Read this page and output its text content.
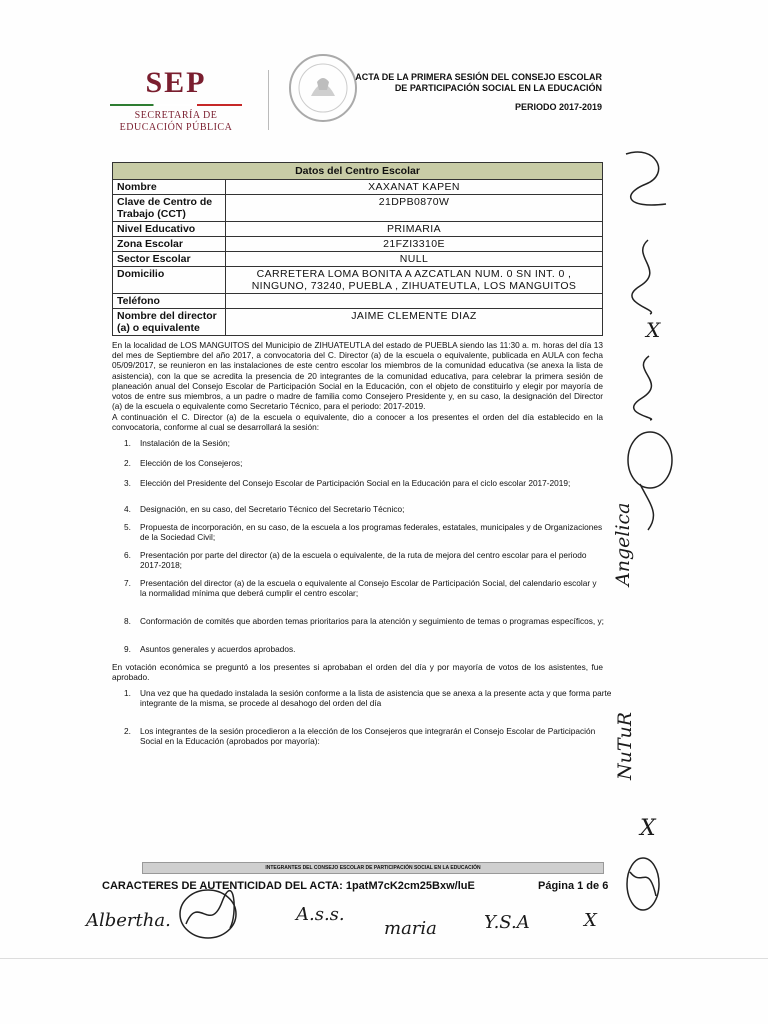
SEP
SECRETARÍA DE
EDUCACIÓN PÚBLICA
ACTA DE LA PRIMERA SESIÓN DEL CONSEJO ESCOLAR
DE PARTICIPACIÓN SOCIAL EN LA EDUCACIÓN
PERIODO 2017-2019
Datos del Centro Escolar	
Nombre	XAXANAT KAPEN
Clave de Centro de Trabajo (CCT)	21DPB0870W
Nivel Educativo	PRIMARIA
Zona Escolar	21FZI3310E
Sector Escolar	NULL
Domicilio	CARRETERA LOMA BONITA A AZCATLAN NUM. 0 SN INT. 0 , NINGUNO, 73240, PUEBLA , ZIHUATEUTLA, LOS MANGUITOS
Teléfono	
Nombre del director (a) o equivalente	JAIME CLEMENTE DIAZ
En la localidad de LOS MANGUITOS del Municipio de ZIHUATEUTLA del estado de PUEBLA siendo las 11:30 a. m. horas del día 13 del mes de Septiembre del año 2017, a convocatoria del C. Director (a) de la escuela o equivalente, publicada en AULA con fecha 05/09/2017, se reunieron en las instalaciones de este centro escolar los miembros de la comunidad educativa (se anexa la lista de asistencia), con la que se acredita la presencia de 20 integrantes de la comunidad educativa, para celebrar la primera sesión de planeación anual del Consejo Escolar de Participación Social en la Educación, con el objeto de constituirlo y elegir por mayoría de votos de entre sus miembros, a un padre o madre de familia como Consejero Presidente y, en su caso, la designación del Director (a) de la escuela o equivalente como Secretario Técnico, para el periodo: 2017-2019.
A continuación el C. Director (a) de la escuela o equivalente, dio a conocer a los presentes el orden del día establecido en la convocatoria, conforme al cual se desarrollará la sesión:
1.	Instalación de la Sesión;
2.	Elección de los Consejeros;
3.	Elección del Presidente del Consejo Escolar de Participación Social en la Educación para el ciclo escolar 2017-2019;
4.	Designación, en su caso, del Secretario Técnico del Secretario Técnico;
5.	Propuesta de incorporación, en su caso, de la escuela a los programas federales, estatales, municipales y de Organizaciones de la Sociedad Civil;
6.	Presentación por parte del director (a) de la escuela o equivalente, de la ruta de mejora del centro escolar para el periodo 2017-2018;
7.	Presentación del director (a) de la escuela o equivalente al Consejo Escolar de Participación Social, del calendario escolar y la normalidad mínima que deberá cumplir el centro escolar;
8.	Conformación de comités que aborden temas prioritarios para la atención y seguimiento de temas o programas específicos, y;
9.	Asuntos generales y acuerdos aprobados.
En votación económica se preguntó a los presentes si aprobaban el orden del día y por mayoría de votos de los asistentes, fue aprobado.
1.	Una vez que ha quedado instalada la sesión conforme a la lista de asistencia que se anexa a la presente acta y que forma parte integrante de la misma, se procede al desahogo del orden del día
2.	Los integrantes de la sesión procedieron a la elección de los Consejeros que integrarán el Consejo Escolar de Participación Social en la Educación (aprobados por mayoría):
INTEGRANTES DEL CONSEJO ESCOLAR DE PARTICIPACIÓN SOCIAL EN LA EDUCACIÓN
CARACTERES DE AUTENTICIDAD DEL ACTA: 1patM7cK2cm25Bxw/luE	Página 1 de 6
Albertha.	A.s.s.
maria	Y.S.A	X
X
Angelica
NuTuR
X
